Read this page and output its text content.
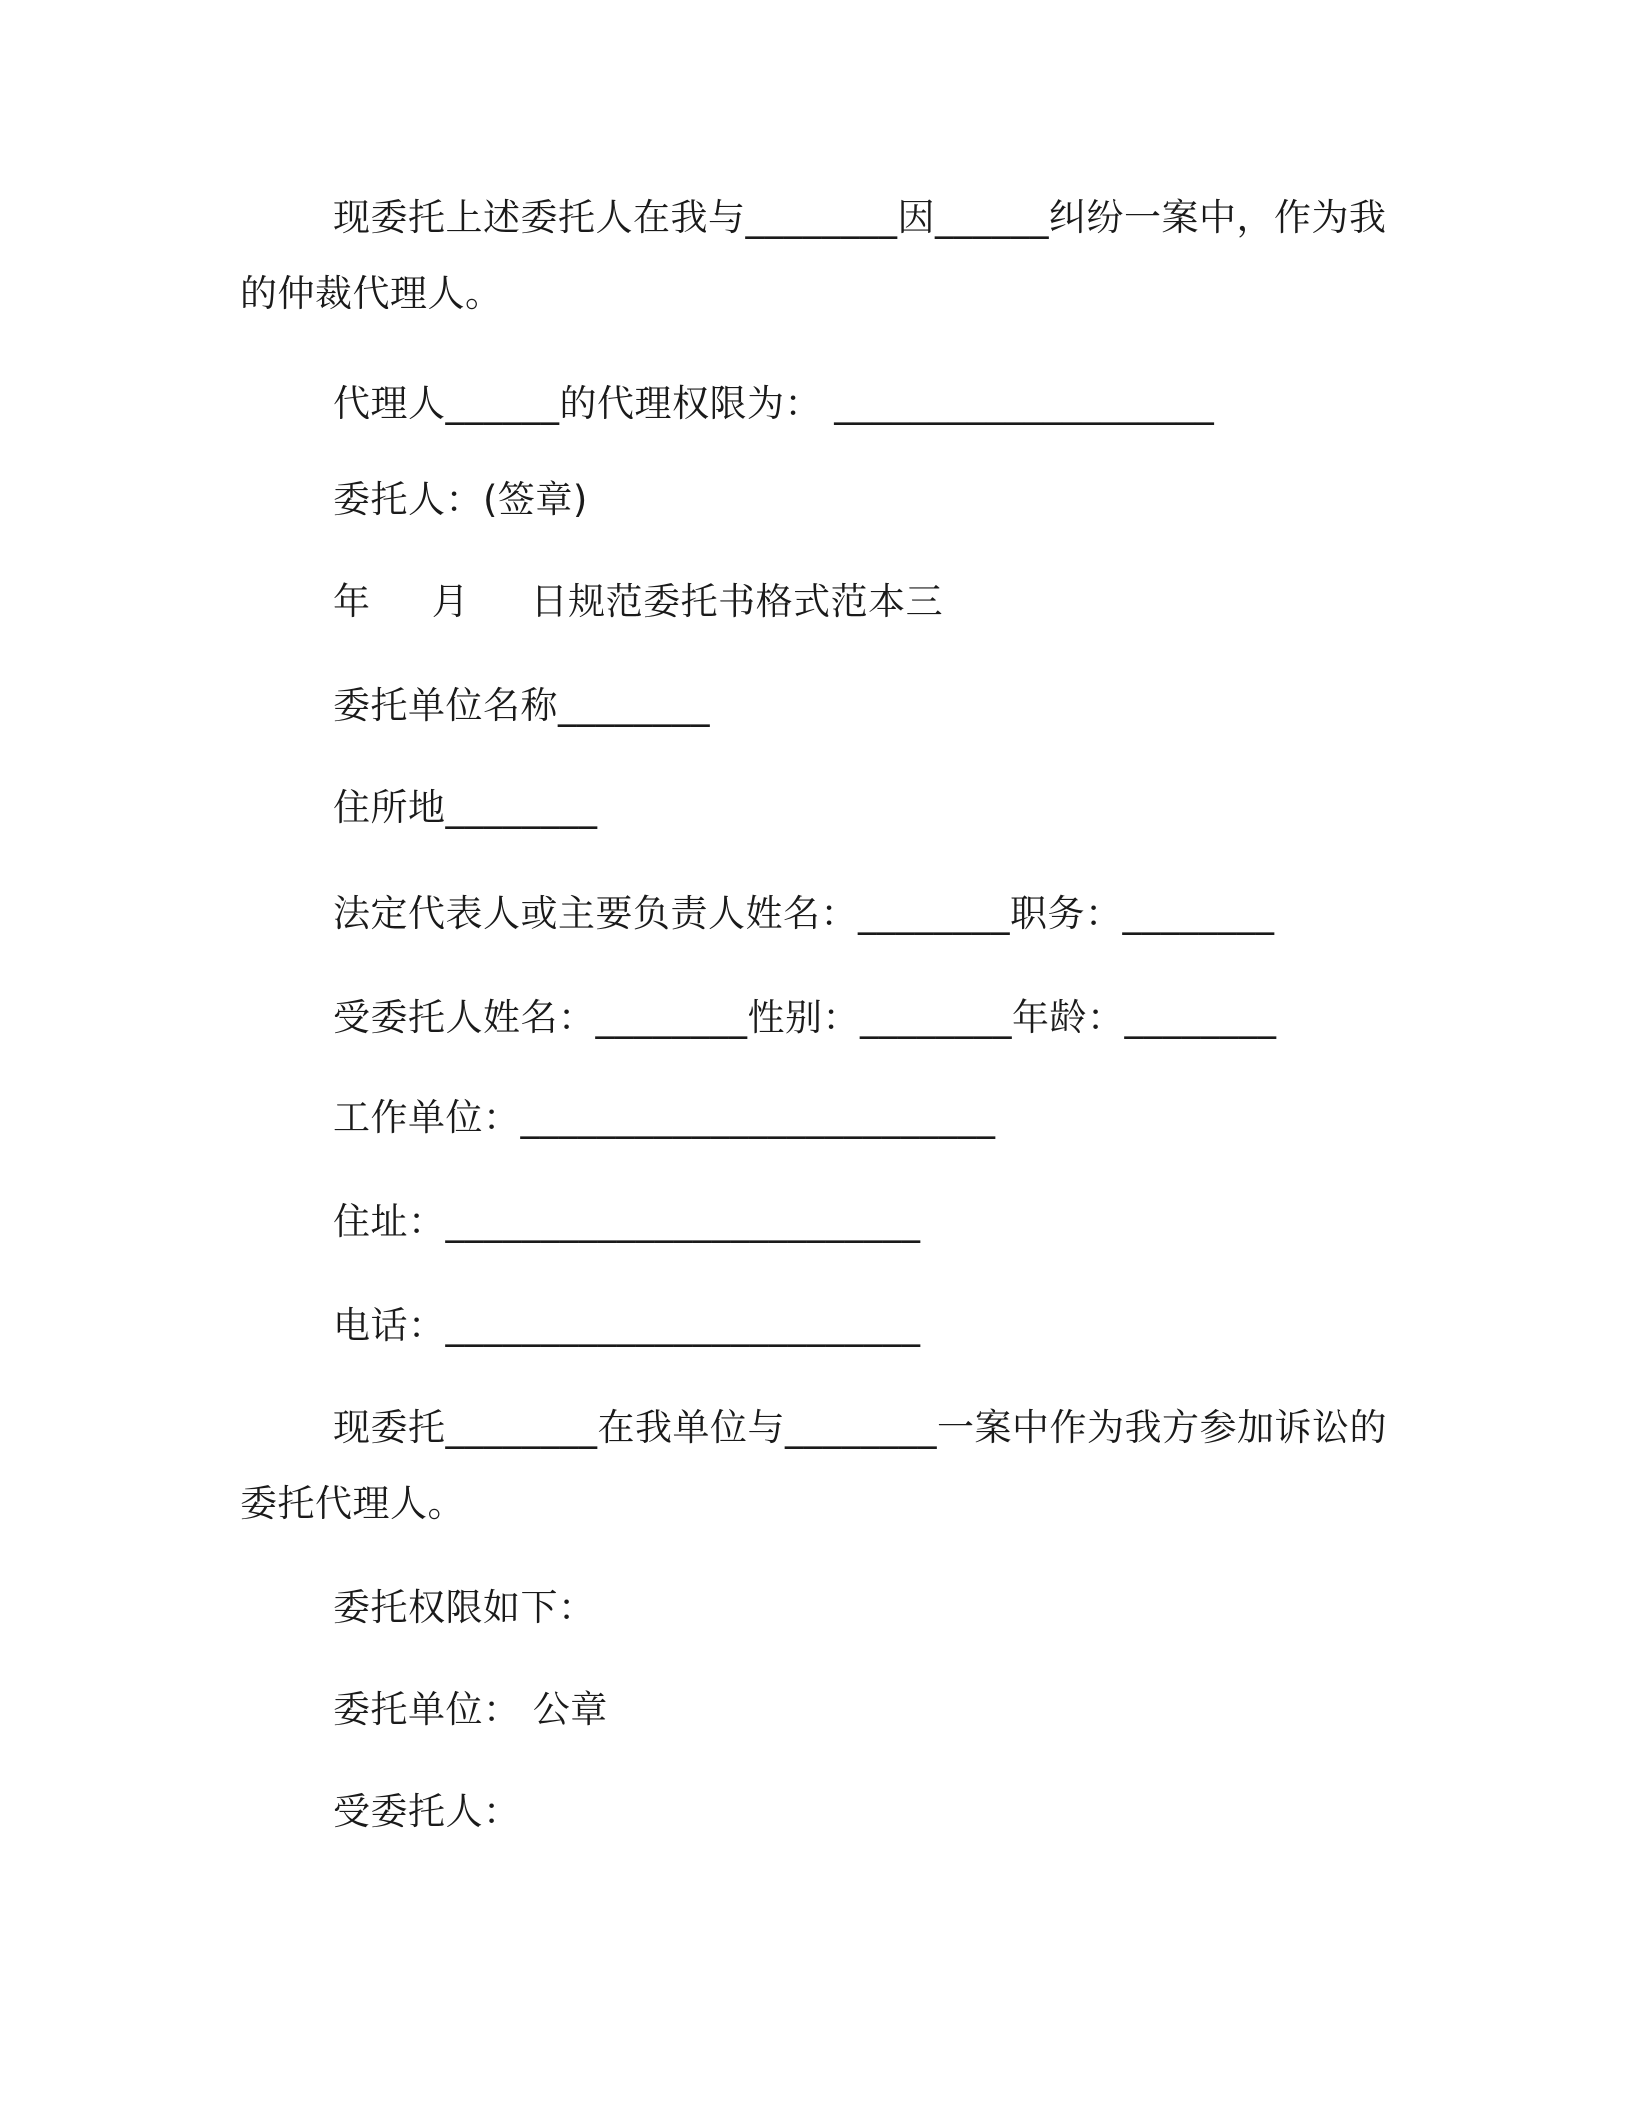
现委托上述委托人在我与________因______纠纷一案中，作为我
的仲裁代理人。
代理人______的代理权限为： ____________________
委托人：(签章)
年     月     日规范委托书格式范本三
委托单位名称________
住所地________
法定代表人或主要负责人姓名：________职务：________
受委托人姓名：________性别：________年龄：________
工作单位：_________________________
住址：_________________________
电话：_________________________
现委托________在我单位与________一案中作为我方参加诉讼的
委托代理人。
委托权限如下：
委托单位： 公章
受委托人：
